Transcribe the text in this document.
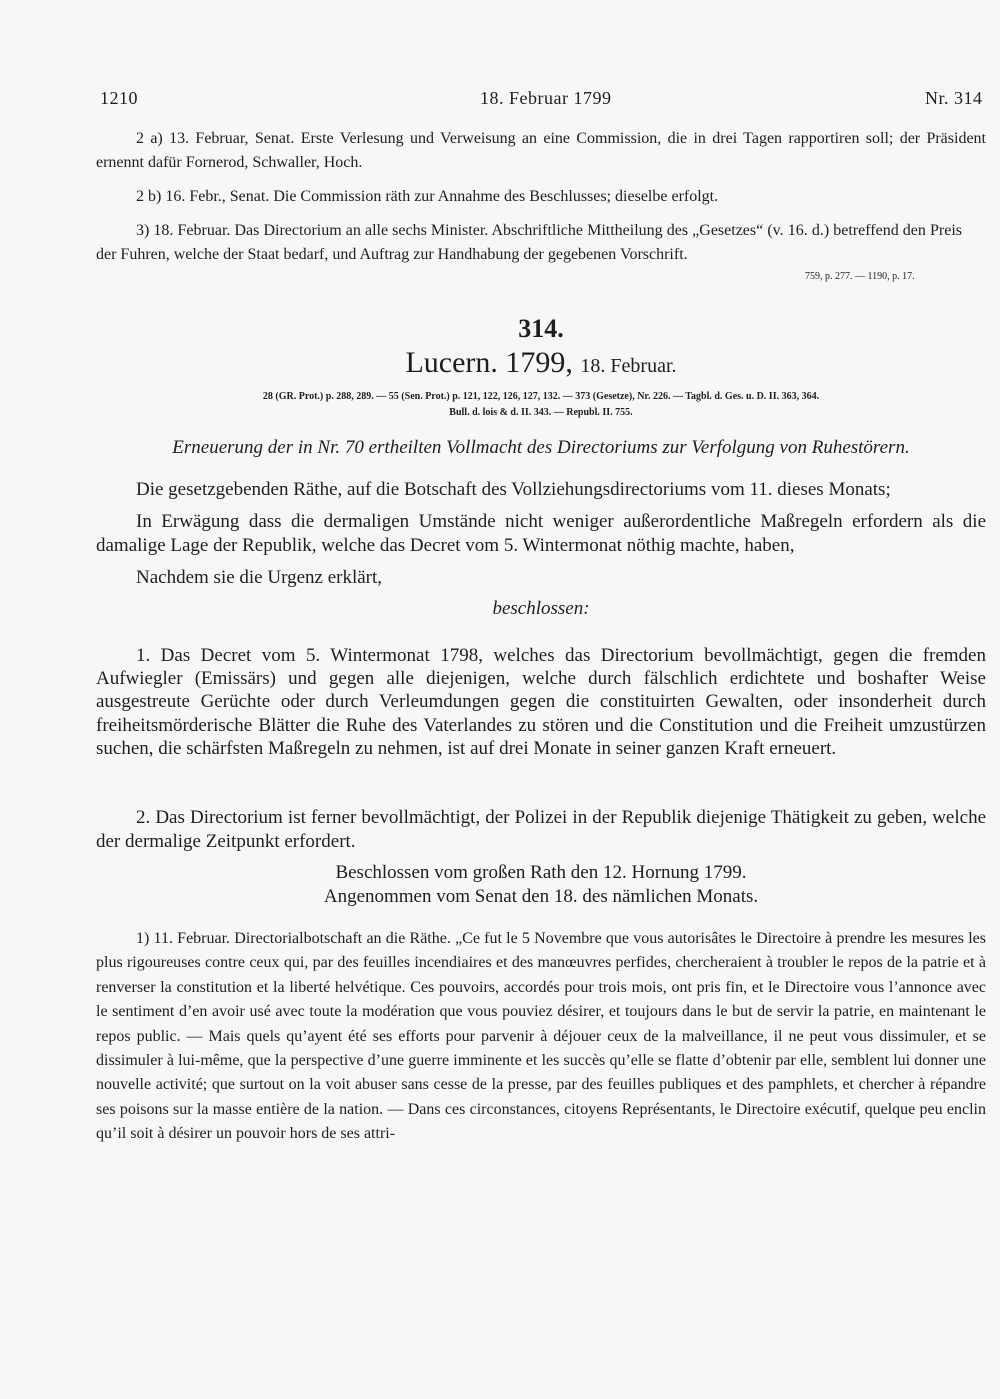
1210	18. Februar 1799	Nr. 314
2 a) 13. Februar, Senat. Erste Verlesung und Verweisung an eine Commission, die in drei Tagen rapportiren soll; der Präsident ernennt dafür Fornerod, Schwaller, Hoch.
2 b) 16. Febr., Senat. Die Commission räth zur Annahme des Beschlusses; dieselbe erfolgt.
3) 18. Februar. Das Directorium an alle sechs Minister. Abschriftliche Mittheilung des „Gesetzes“ (v. 16. d.) betreffend den Preis der Fuhren, welche der Staat bedarf, und Auftrag zur Handhabung der gegebenen Vorschrift.
759, p. 277. — 1190, p. 17.
314.
Lucern. 1799, 18. Februar.
28 (GR. Prot.) p. 288, 289. — 55 (Sen. Prot.) p. 121, 122, 126, 127, 132. — 373 (Gesetze), Nr. 226. — Tagbl. d. Ges. u. D. II. 363, 364.
Bull. d. lois & d. II. 343. — Republ. II. 755.
Erneuerung der in Nr. 70 ertheilten Vollmacht des Directoriums zur Verfolgung von Ruhestörern.
Die gesetzgebenden Räthe, auf die Botschaft des Vollziehungsdirectoriums vom 11. dieses Monats;
In Erwägung dass die dermaligen Umstände nicht weniger außerordentliche Maßregeln erfordern als die damalige Lage der Republik, welche das Decret vom 5. Wintermonat nöthig machte, haben,
Nachdem sie die Urgenz erklärt,
beschlossen:
1. Das Decret vom 5. Wintermonat 1798, welches das Directorium bevollmächtigt, gegen die fremden Aufwiegler (Emissärs) und gegen alle diejenigen, welche durch fälschlich erdichtete und boshafter Weise ausgestreute Gerüchte oder durch Verleumdungen gegen die constituirten Gewalten, oder insonderheit durch freiheitsmörderische Blätter die Ruhe des Vaterlandes zu stören und die Constitution und die Freiheit umzustürzen suchen, die schärfsten Maßregeln zu nehmen, ist auf drei Monate in seiner ganzen Kraft erneuert.
2. Das Directorium ist ferner bevollmächtigt, der Polizei in der Republik diejenige Thätigkeit zu geben, welche der dermalige Zeitpunkt erfordert.
Beschlossen vom großen Rath den 12. Hornung 1799.
Angenommen vom Senat den 18. des nämlichen Monats.
1) 11. Februar. Directorialbotschaft an die Räthe. „Ce fut le 5 Novembre que vous autorisâtes le Directoire à prendre les mesures les plus rigoureuses contre ceux qui, par des feuilles incendiaires et des manœuvres perfides, chercheraient à troubler le repos de la patrie et à renverser la constitution et la liberté helvétique. Ces pouvoirs, accordés pour trois mois, ont pris fin, et le Directoire vous l’annonce avec le sentiment d’en avoir usé avec toute la modération que vous pouviez désirer, et toujours dans le but de servir la patrie, en maintenant le repos public. — Mais quels qu’ayent été ses efforts pour parvenir à déjouer ceux de la malveillance, il ne peut vous dissimuler, et se dissimuler à lui-même, que la perspective d’une guerre imminente et les succès qu’elle se flatte d’obtenir par elle, semblent lui donner une nouvelle activité; que surtout on la voit abuser sans cesse de la presse, par des feuilles publiques et des pamphlets, et chercher à répandre ses poisons sur la masse entière de la nation. — Dans ces circonstances, citoyens Représentants, le Directoire exécutif, quelque peu enclin qu’il soit à désirer un pouvoir hors de ses attri-
